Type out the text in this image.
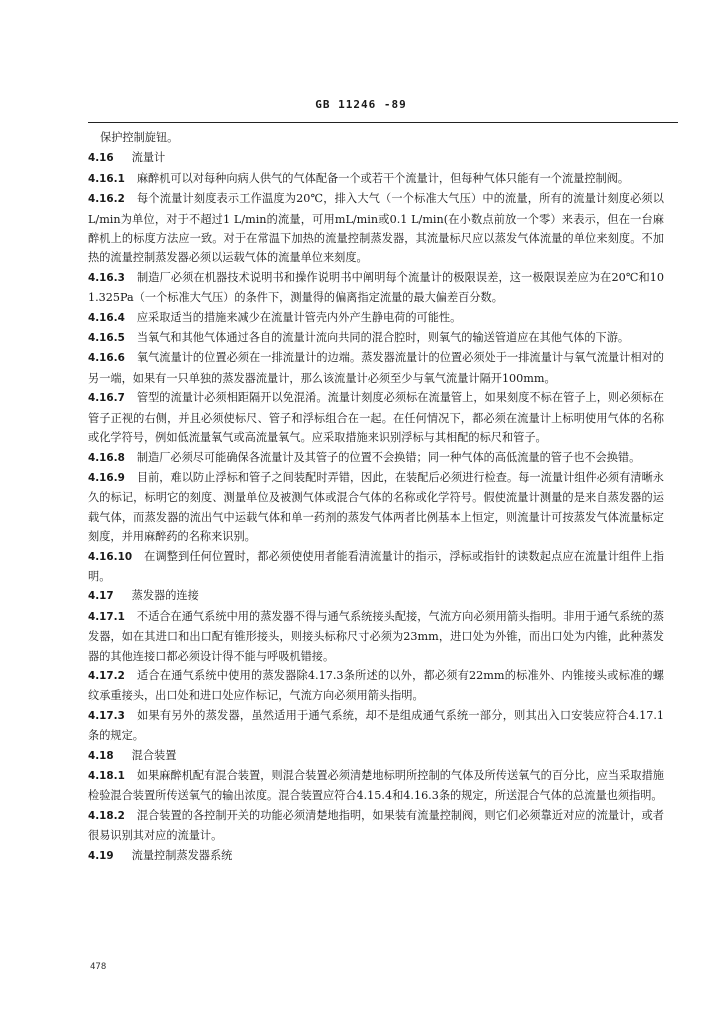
GB 11246 -89

保护控制旋钮。

4.16 流量计

4.16.1 麻醉机可以对每种向病人供气的气体配备一个或若干个流量计，但每种气体只能有一个流量控制阀。

4.16.2 每个流量计刻度表示工作温度为20℃，排入大气（一个标准大气压）中的流量，所有的流量计刻度必须以L/min为单位，对于不超过1 L/min的流量，可用mL/min或0.1 L/min(在小数点前放一个零）来表示，但在一台麻醉机上的标度方法应一致。对于在常温下加热的流量控制蒸发器，其流量标尺应以蒸发气体流量的单位来刻度。不加热的流量控制蒸发器必须以运载气体的流量单位来刻度。

4.16.3 制造厂必须在机器技术说明书和操作说明书中阐明每个流量计的极限误差，这一极限误差应为在20℃和101.325Pa（一个标准大气压）的条件下，测量得的偏离指定流量的最大偏差百分数。

4.16.4 应采取适当的措施来减少在流量计管壳内外产生静电荷的可能性。

4.16.5 当氧气和其他气体通过各自的流量计流向共同的混合腔时，则氧气的输送管道应在其他气体的下游。

4.16.6 氧气流量计的位置必须在一排流量计的边端。蒸发器流量计的位置必须处于一排流量计与氧气流量计相对的另一端，如果有一只单独的蒸发器流量计，那么该流量计必须至少与氧气流量计隔开100mm。

4.16.7 管型的流量计必须相距隔开以免混淆。流量计刻度必须标在流量管上，如果刻度不标在管子上，则必须标在管子正视的右侧，并且必须使标尺、管子和浮标组合在一起。在任何情况下，都必须在流量计上标明使用气体的名称或化学符号，例如低流量氧气或高流量氧气。应采取措施来识别浮标与其相配的标尺和管子。

4.16.8 制造厂必须尽可能确保各流量计及其管子的位置不会换错；同一种气体的高低流量的管子也不会换错。

4.16.9 目前，难以防止浮标和管子之间装配时弄错，因此，在装配后必须进行检查。每一流量计组件必须有清晰永久的标记，标明它的刻度、测量单位及被测气体或混合气体的名称或化学符号。假使流量计测量的是来自蒸发器的运载气体，而蒸发器的流出气中运载气体和单一药剂的蒸发气体两者比例基本上恒定，则流量计可按蒸发气体流量标定刻度，并用麻醉药的名称来识别。

4.16.10 在调整到任何位置时，都必须使使用者能看清流量计的指示，浮标或指针的读数起点应在流量计组件上指明。

4.17 蒸发器的连接

4.17.1 不适合在通气系统中用的蒸发器不得与通气系统接头配接，气流方向必须用箭头指明。非用于通气系统的蒸发器，如在其进口和出口配有锥形接头，则接头标称尺寸必须为23mm，进口处为外锥，而出口处为内锥，此种蒸发器的其他连接口都必须设计得不能与呼吸机错接。

4.17.2 适合在通气系统中使用的蒸发器除4.17.3条所述的以外，都必须有22mm的标准外、内锥接头或标准的螺纹承重接头，出口处和进口处应作标记，气流方向必须用箭头指明。

4.17.3 如果有另外的蒸发器，虽然适用于通气系统，却不是组成通气系统一部分，则其出入口安装应符合4.17.1条的规定。

4.18 混合装置

4.18.1 如果麻醉机配有混合装置，则混合装置必须清楚地标明所控制的气体及所传送氧气的百分比，应当采取措施检验混合装置所传送氧气的输出浓度。混合装置应符合4.15.4和4.16.3条的规定，所送混合气体的总流量也须指明。

4.18.2 混合装置的各控制开关的功能必须清楚地指明，如果装有流量控制阀，则它们必须靠近对应的流量计，或者很易识别其对应的流量计。

4.19 流量控制蒸发器系统

478
